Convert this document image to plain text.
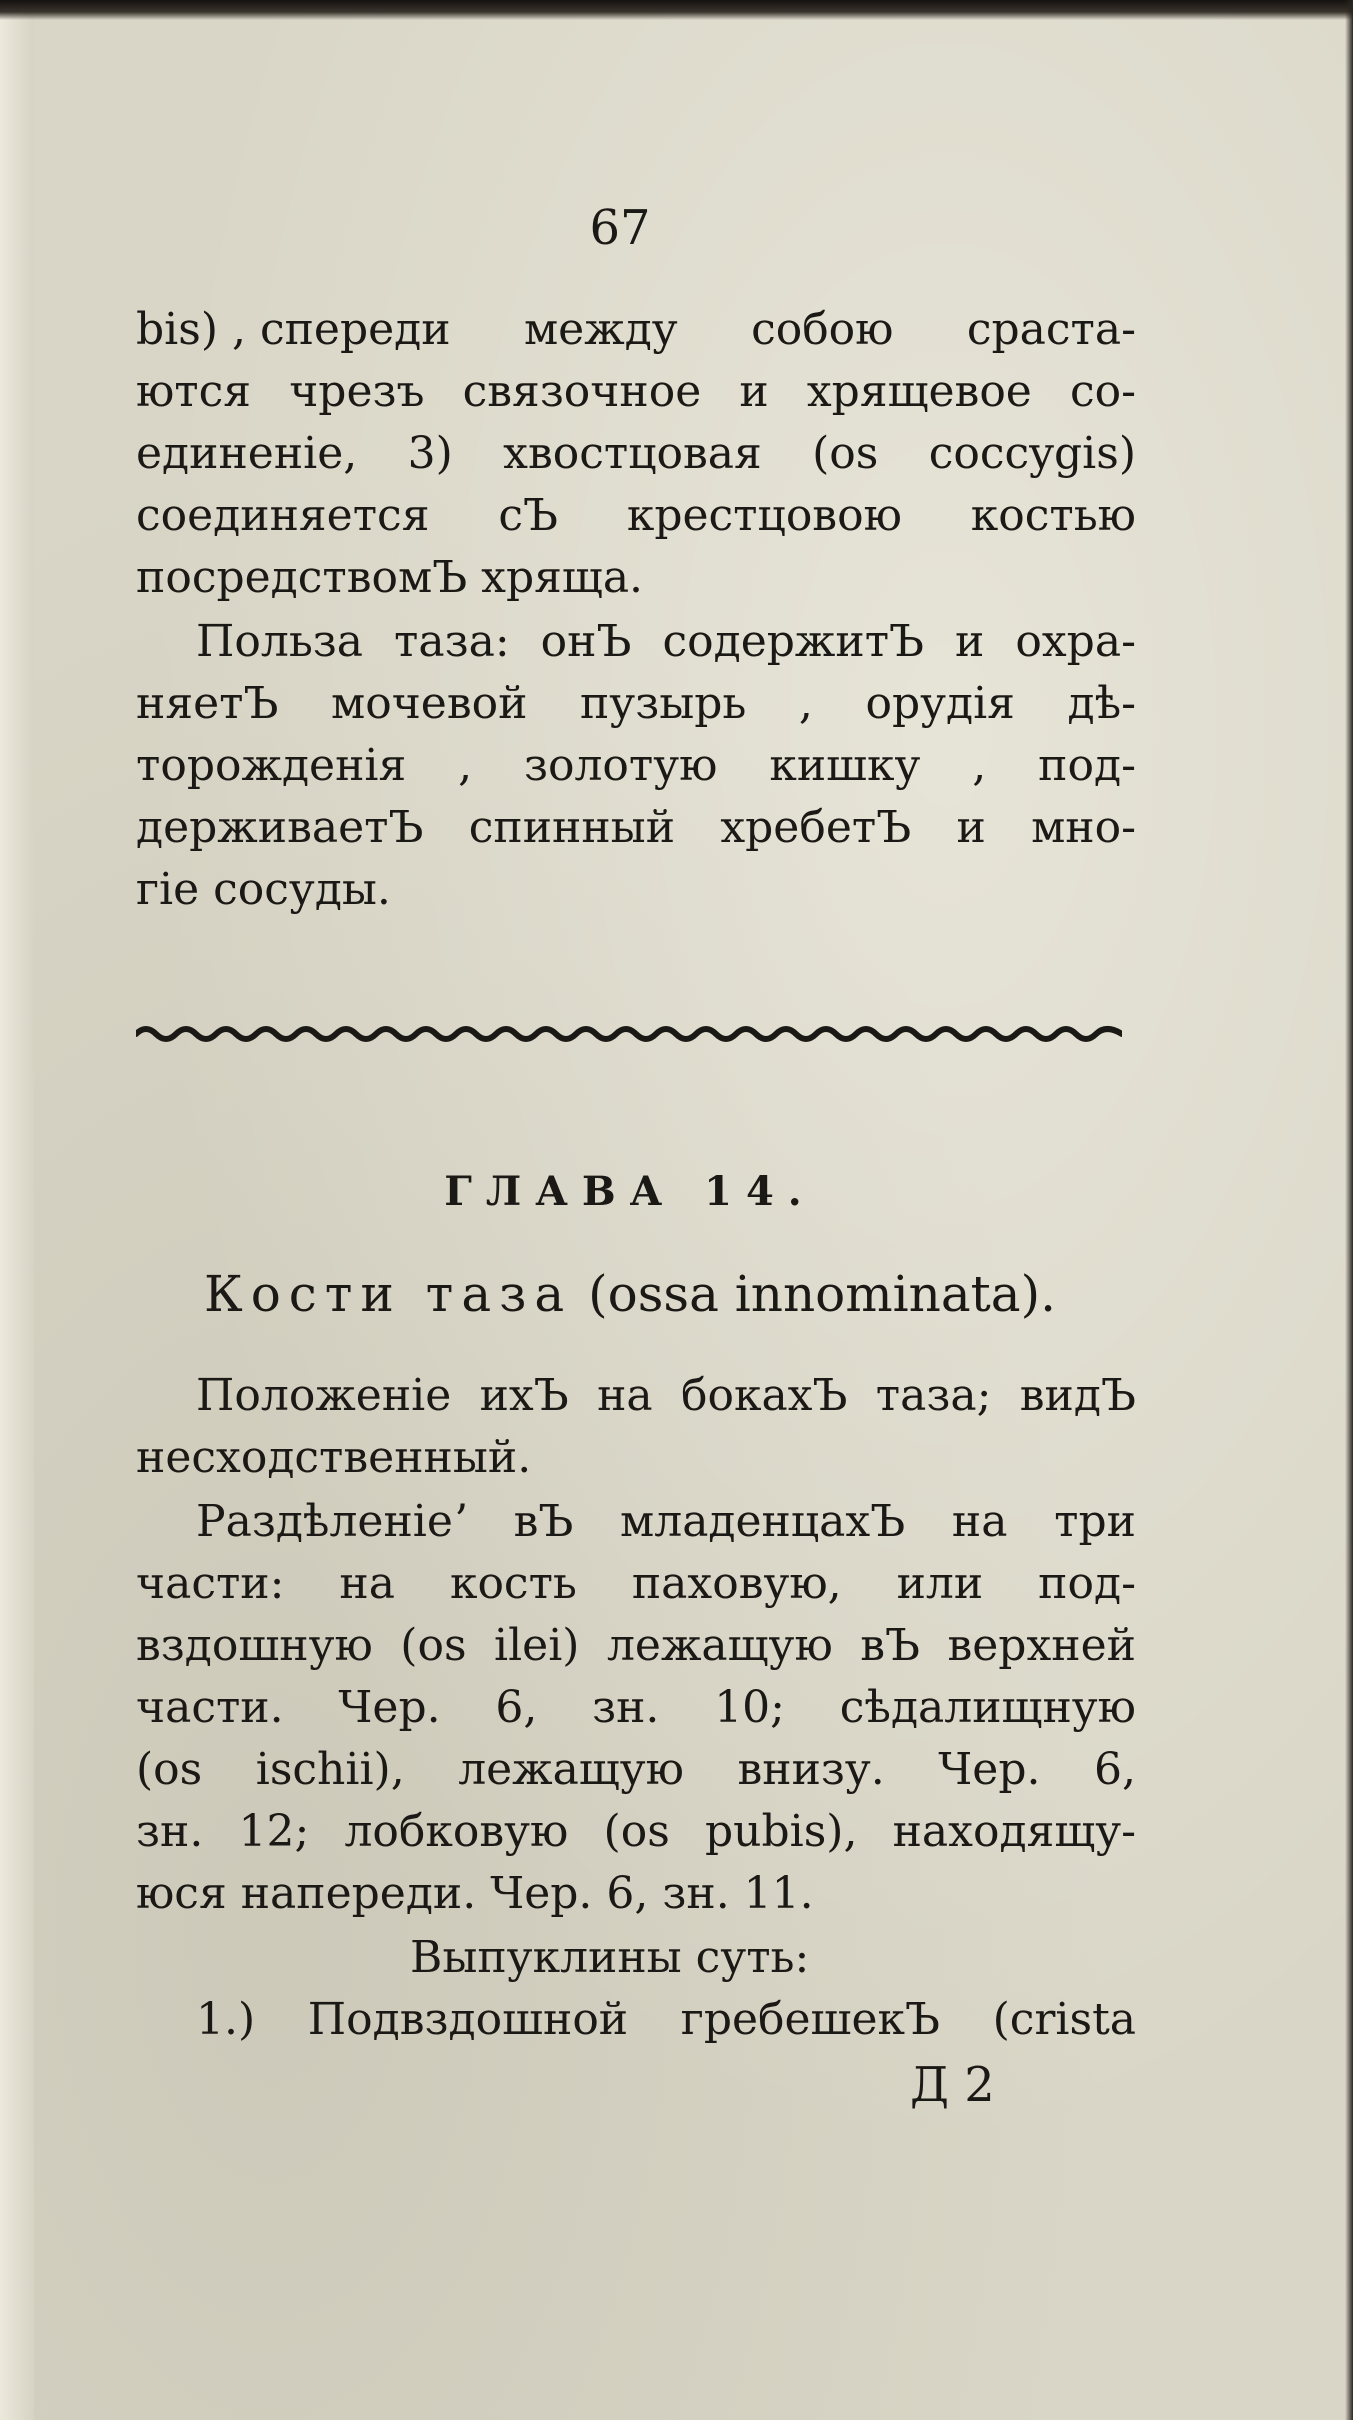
67
bis) , спереди между собою сраста-
ются чрезъ связочное и хрящевое со-
единеніе, 3) хвостцовая (os coccygis)
соединяется сЪ крестцовою костью
посредствомЪ хряща.
Польза таза: онЪ содержитЪ и охра-
няетЪ мочевой пузырь , орудія дѣ-
торожденія , золотую кишку , под-
держиваетЪ спинный хребетЪ и мно-
гіе сосуды.
ГЛАВА 14.
Кости таза (ossa innominata).
Положеніе ихЪ на бокахЪ таза; видЪ
несходственный.
Раздѣленіеʼ вЪ младенцахЪ на три
части: на кость паховую, или под-
вздошную (os ilei) лежащую вЪ верхней
части. Чер. 6, зн. 10; сѣдалищную
(os ischii), лежащую внизу. Чер. 6,
зн. 12; лобковую (os pubis), находящу-
юся напереди. Чер. 6, зн. 11.
Выпуклины суть:
1.) Подвздошной гребешекЪ (crista
Д 2
